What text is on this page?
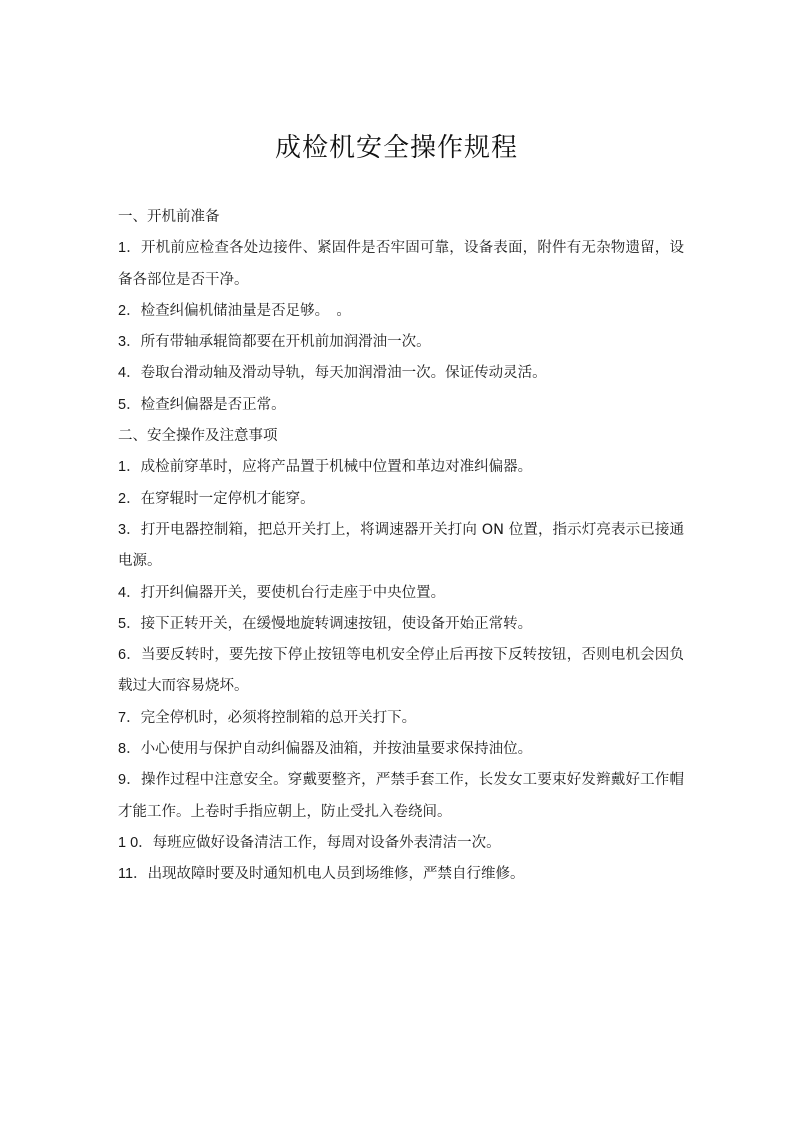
成检机安全操作规程

一、开机前准备

1．开机前应检查各处边接件、紧固件是否牢固可靠，设备表面，附件有无杂物遗留，设备各部位是否干净。

2．检查纠偏机储油量是否足够。　。

3．所有带轴承辊筒都要在开机前加润滑油一次。

4．卷取台滑动轴及滑动导轨，每天加润滑油一次。保证传动灵活。

5．检查纠偏器是否正常。

二、安全操作及注意事项

1．成检前穿革时，应将产品置于机械中位置和革边对准纠偏器。

2．在穿辊时一定停机才能穿。

3．打开电器控制箱，把总开关打上，将调速器开关打向 ON 位置，指示灯亮表示已接通电源。

4．打开纠偏器开关，要使机台行走座于中央位置。

5．接下正转开关，在缓慢地旋转调速按钮，使设备开始正常转。

6．当要反转时，要先按下停止按钮等电机安全停止后再按下反转按钮，否则电机会因负载过大而容易烧坏。

7．完全停机时，必须将控制箱的总开关打下。

8．小心使用与保护自动纠偏器及油箱，并按油量要求保持油位。

9．操作过程中注意安全。穿戴要整齐，严禁手套工作，长发女工要束好发辫戴好工作帽才能工作。上卷时手指应朝上，防止受扎入卷绕间。

1 0．每班应做好设备清洁工作，每周对设备外表清洁一次。

11．出现故障时要及时通知机电人员到场维修，严禁自行维修。
